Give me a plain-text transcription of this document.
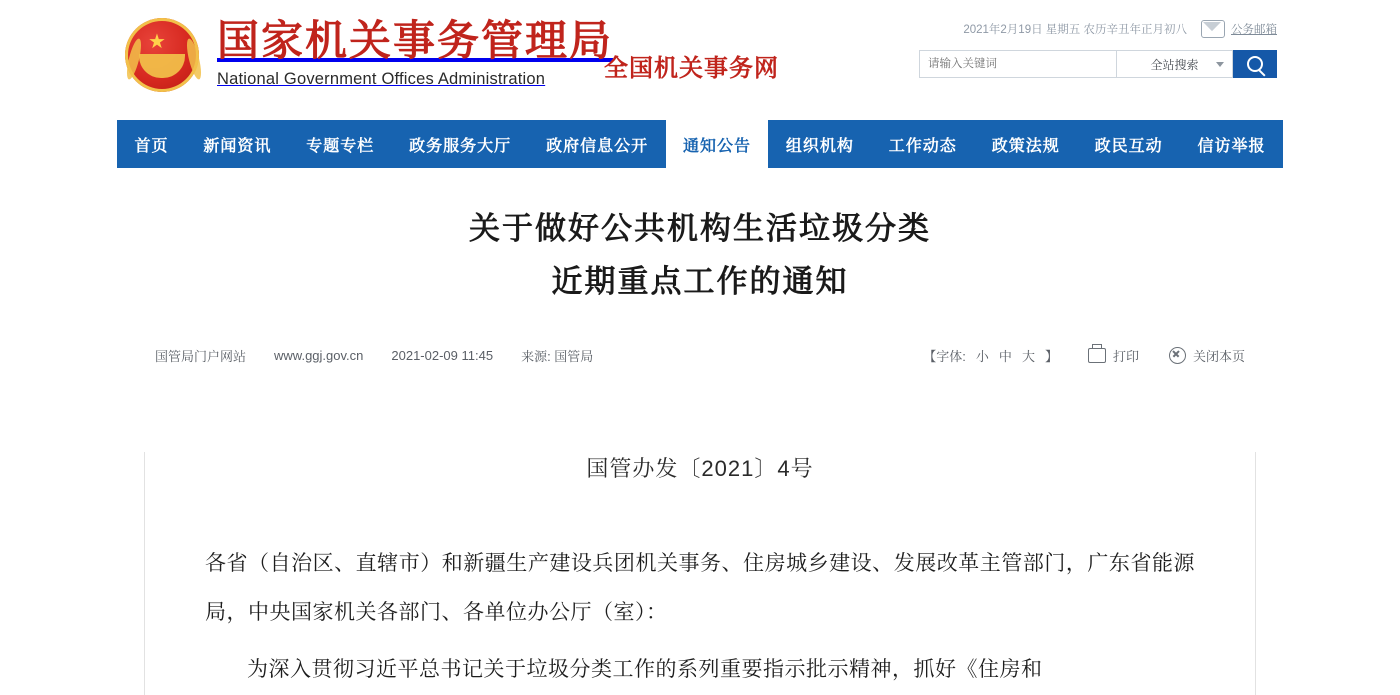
★ 国家机关事务管理局
National Government Offices Administration	全国机关事务网
2021年2月19日 星期五 农历辛丑年正月初八	公务邮箱
请输入关键词
全站搜索
首页	新闻资讯	专题专栏	政务服务大厅	政府信息公开	通知公告	组织机构	工作动态	政策法规	政民互动	信访举报
关于做好公共机构生活垃圾分类
近期重点工作的通知
国管局门户网站 www.ggj.gov.cn 2021-02-09 11:45 来源: 国管局	【字体: 小 中 大 】	打印	关闭本页
国管办发〔2021〕4号
各省（自治区、直辖市）和新疆生产建设兵团机关事务、住房城乡建设、发展改革主管部门，广东省能源局，中央国家机关各部门、各单位办公厅（室）：
为深入贯彻习近平总书记关于垃圾分类工作的系列重要指示批示精神，抓好《住房和
